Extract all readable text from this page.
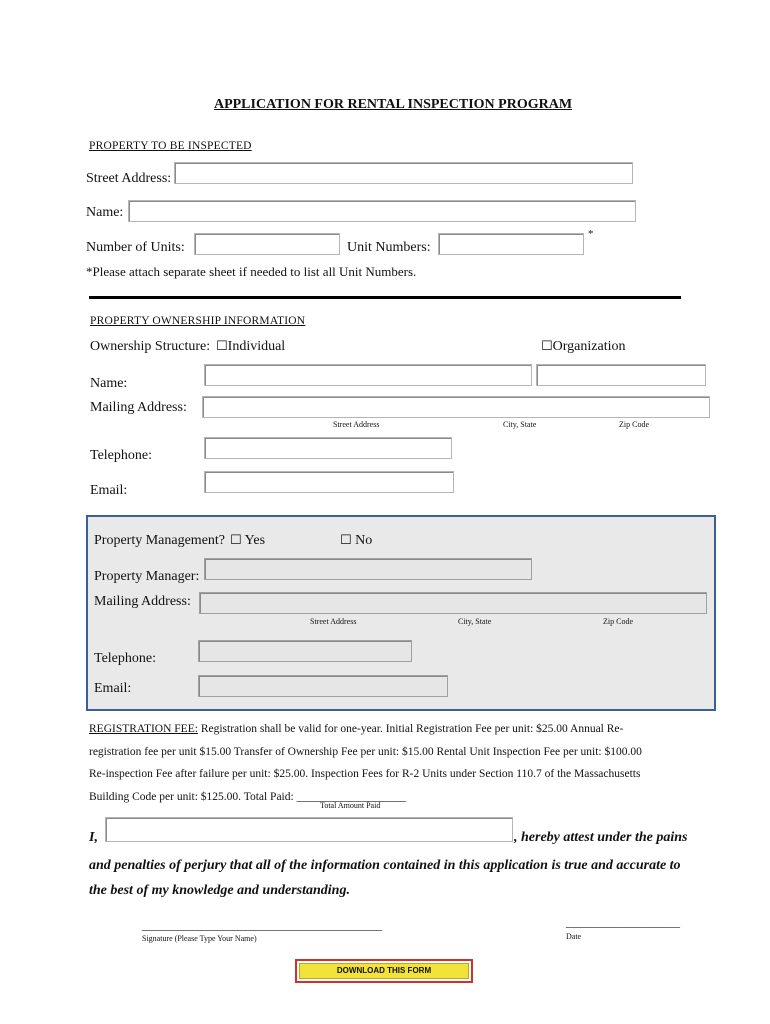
APPLICATION FOR RENTAL INSPECTION PROGRAM
PROPERTY TO BE INSPECTED
Street Address:
Name:
Number of Units:	Unit Numbers:
*
*Please attach separate sheet if needed to list all Unit Numbers.
PROPERTY OWNERSHIP INFORMATION
Ownership Structure: ☐Individual	☐Organization
Name:
Mailing Address:
Street Address	City, State	Zip Code
Telephone:
Email:
Property Management? ☐ Yes	☐ No
Property Manager:
Mailing Address:
Street Address	City, State	Zip Code
Telephone:
Email:
REGISTRATION FEE: Registration shall be valid for one-year. Initial Registration Fee per unit: $25.00 Annual Re-
registration fee per unit $15.00 Transfer of Ownership Fee per unit: $15.00 Rental Unit Inspection Fee per unit: $100.00
Re-inspection Fee after failure per unit: $25.00. Inspection Fees for R-2 Units under Section 110.7 of the Massachusetts
Building Code per unit: $125.00. Total Paid: ___________________
Total Amount Paid
I,	, hereby attest under the pains
and penalties of perjury that all of the information contained in this application is true and accurate to
the best of my knowledge and understanding.
________________________________________
Signature (Please Type Your Name)
___________________
Date
DOWNLOAD THIS FORM
